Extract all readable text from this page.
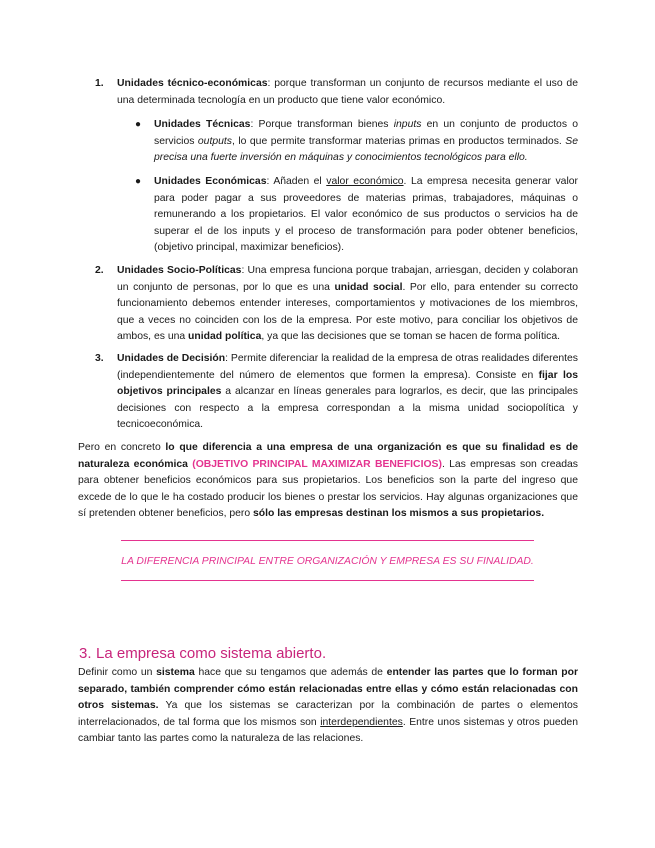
1. Unidades técnico-económicas: porque transforman un conjunto de recursos mediante el uso de una determinada tecnología en un producto que tiene valor económico.
● Unidades Técnicas: Porque transforman bienes inputs en un conjunto de productos o servicios outputs, lo que permite transformar materias primas en productos terminados. Se precisa una fuerte inversión en máquinas y conocimientos tecnológicos para ello.
● Unidades Económicas: Añaden el valor económico. La empresa necesita generar valor para poder pagar a sus proveedores de materias primas, trabajadores, máquinas o remunerando a los propietarios. El valor económico de sus productos o servicios ha de superar el de los inputs y el proceso de transformación para poder obtener beneficios, (objetivo principal, maximizar beneficios).
2. Unidades Socio-Políticas: Una empresa funciona porque trabajan, arriesgan, deciden y colaboran un conjunto de personas, por lo que es una unidad social. Por ello, para entender su correcto funcionamiento debemos entender intereses, comportamientos y motivaciones de los miembros, que a veces no coinciden con los de la empresa. Por este motivo, para conciliar los objetivos de ambos, es una unidad política, ya que las decisiones que se toman se hacen de forma política.
3. Unidades de Decisión: Permite diferenciar la realidad de la empresa de otras realidades diferentes (independientemente del número de elementos que formen la empresa). Consiste en fijar los objetivos principales a alcanzar en líneas generales para lograrlos, es decir, que las principales decisiones con respecto a la empresa correspondan a la misma unidad sociopolítica y tecnicoeconómica.
Pero en concreto lo que diferencia a una empresa de una organización es que su finalidad es de naturaleza económica (OBJETIVO PRINCIPAL MAXIMIZAR BENEFICIOS). Las empresas son creadas para obtener beneficios económicos para sus propietarios. Los beneficios son la parte del ingreso que excede de lo que le ha costado producir los bienes o prestar los servicios. Hay algunas organizaciones que sí pretenden obtener beneficios, pero sólo las empresas destinan los mismos a sus propietarios.
LA DIFERENCIA PRINCIPAL ENTRE ORGANIZACIÓN Y EMPRESA ES SU FINALIDAD.
3. La empresa como sistema abierto.
Definir como un sistema hace que su tengamos que además de entender las partes que lo forman por separado, también comprender cómo están relacionadas entre ellas y cómo están relacionadas con otros sistemas. Ya que los sistemas se caracterizan por la combinación de partes o elementos interrelacionados, de tal forma que los mismos son interdependientes. Entre unos sistemas y otros pueden cambiar tanto las partes como la naturaleza de las relaciones.
